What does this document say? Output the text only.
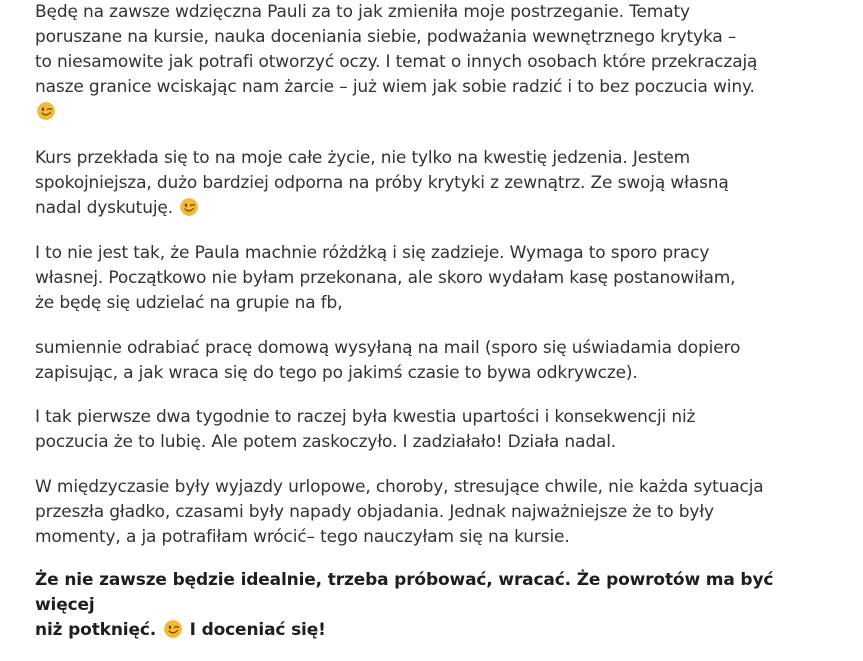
Będę na zawsze wdzięczna Pauli za to jak zmieniła moje postrzeganie. Tematy
poruszane na kursie, nauka doceniania siebie, podważania wewnętrznego krytyka –
to niesamowite jak potrafi otworzyć oczy. I temat o innych osobach które przekraczają
nasze granice wciskając nam żarcie – już wiem jak sobie radzić i to bez poczucia winy.

Kurs przekłada się to na moje całe życie, nie tylko na kwestię jedzenia. Jestem
spokojniejsza, dużo bardziej odporna na próby krytyki z zewnątrz. Ze swoją własną
nadal dyskutuję.

I to nie jest tak, że Paula machnie różdżką i się zadzieje. Wymaga to sporo pracy
własnej. Początkowo nie byłam przekonana, ale skoro wydałam kasę postanowiłam,
że będę się udzielać na grupie na fb,

sumiennie odrabiać pracę domową wysyłaną na mail (sporo się uświadamia dopiero
zapisując, a jak wraca się do tego po jakimś czasie to bywa odkrywcze).

I tak pierwsze dwa tygodnie to raczej była kwestia upartości i konsekwencji niż
poczucia że to lubię. Ale potem zaskoczyło. I zadziałało! Działa nadal.

W międzyczasie były wyjazdy urlopowe, choroby, stresujące chwile, nie każda sytuacja
przeszła gładko, czasami były napady objadania. Jednak najważniejsze że to były
momenty, a ja potrafiłam wrócić– tego nauczyłam się na kursie.

Że nie zawsze będzie idealnie, trzeba próbować, wracać. Że powrotów ma być więcej
niż potknięć. I doceniać się!
